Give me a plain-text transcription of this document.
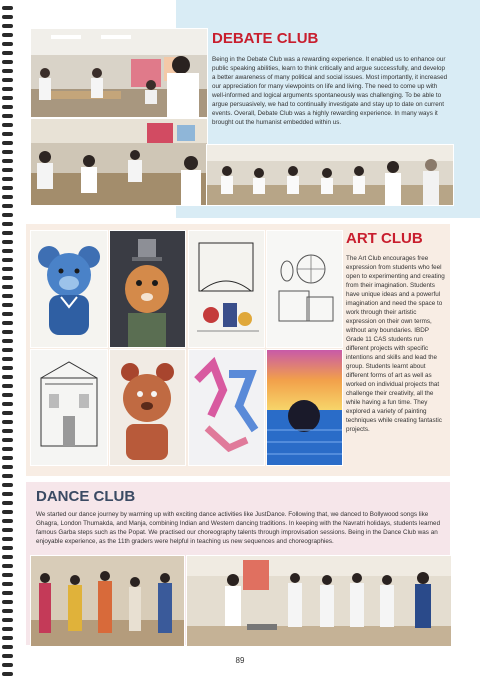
DEBATE CLUB

Being in the Debate Club was a rewarding experience. It enabled us to enhance our public speaking abilities, learn to think critically and argue successfully, and develop a better awareness of many political and social issues. Most importantly, it increased our appreciation for many viewpoints on life and living. The need to come up with well-informed and logical arguments spontaneously was challenging. To be able to argue persuasively, we had to continually investigate and stay up to date on current events. Overall, Debate Club was a highly rewarding experience. In many ways it brought out the humanist embedded within us.

ART CLUB

The Art Club encourages free expression from students who feel open to experimenting and creating from their imagination. Students have unique ideas and a powerful imagination and need the space to work through their artistic expression on their own terms, without any boundaries. IBDP Grade 11 CAS students run different projects with specific intentions and skills and lead the group. Students learnt about different forms of art as well as worked on individual projects that challenge their creativity, all the while having a fun time. They explored a variety of painting techniques while creating fantastic projects.

DANCE CLUB

We started our dance journey by warming up with exciting dance activities like JustDance. Following that, we danced to Bollywood songs like Ghagra, London Thumakda, and Manja, combining Indian and Western dancing traditions. In keeping with the Navratri holidays, students learned famous Garba steps such as the Popat. We practised our choreography talents through improvisation sessions. Being in the Dance Club was an enjoyable experience, as the 11th graders were helpful in teaching us new sequences and choreographies.

89
